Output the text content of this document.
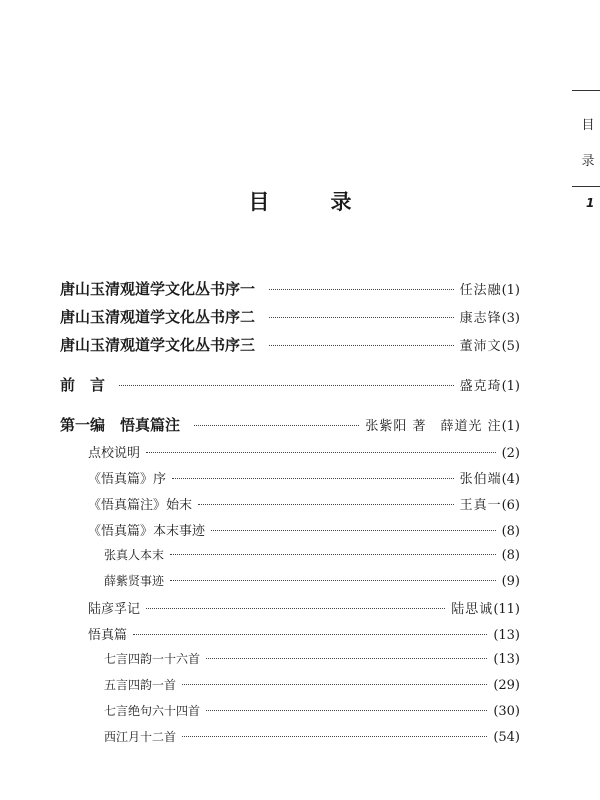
目录
1
目　录
唐山玉清观道学文化丛书序一	任法融 (1)
唐山玉清观道学文化丛书序二	康志锋 (3)
唐山玉清观道学文化丛书序三	董沛文 (5)
前　言	盛克琦 (1)
第一编　悟真篇注	张紫阳 著　薛道光 注 (1)
点校说明	(2)
《悟真篇》序	张伯端 (4)
《悟真篇注》始末	王真一 (6)
《悟真篇》本末事迹	(8)
张真人本末	(8)
薛紫贤事迹	(9)
陆彦孚记	陆思诚 (11)
悟真篇	(13)
七言四韵一十六首	(13)
五言四韵一首	(29)
七言绝句六十四首	(30)
西江月十二首	(54)
